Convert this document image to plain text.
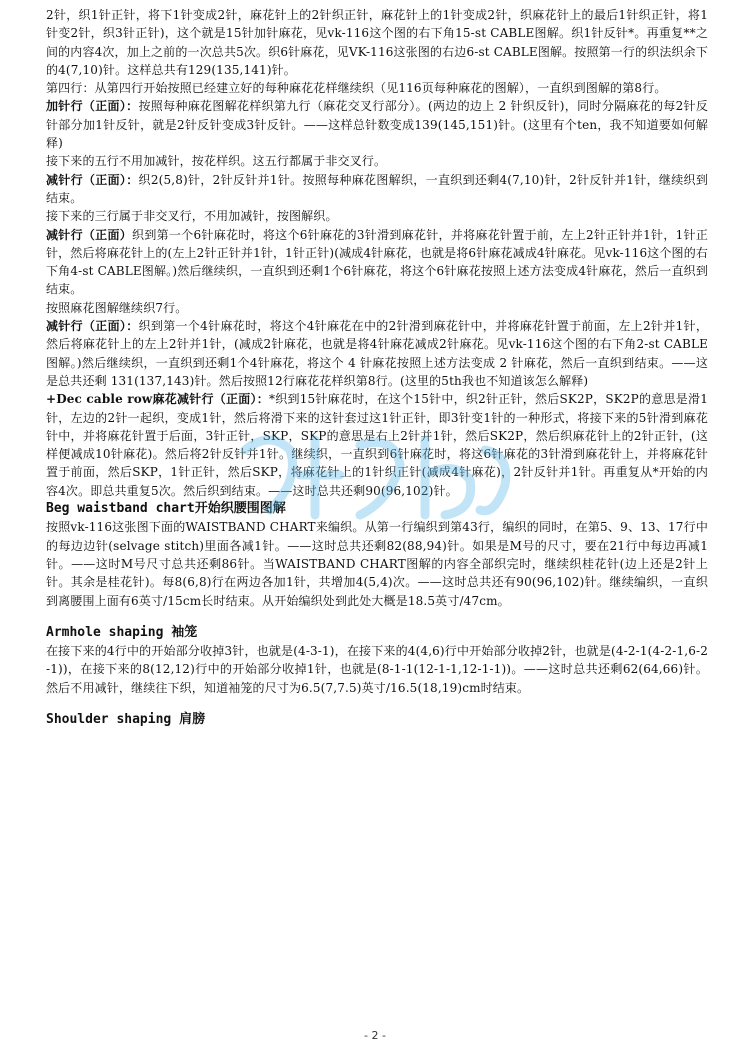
2针，织1针正针，将下1针变成2针，麻花针上的2针织正针，麻花针上的1针变成2针，织麻花针上的最后1针织正针，将1针变2针，织3针正针)，这个就是15针加针麻花，见vk-116这个图的右下角15-st CABLE图解。织1针反针*。再重复**之间的内容4次，加上之前的一次总共5次。织6针麻花，见VK-116这张图的右边6-st CABLE图解。按照第一行的织法织余下的4(7,10)针。这样总共有129(135,141)针。

第四行：从第四行开始按照已经建立好的每种麻花花样继续织（见116页每种麻花的图解），一直织到图解的第8行。

加针行（正面）：按照每种麻花图解花样织第九行（麻花交叉行部分）。(两边的边上 2 针织反针)，同时分隔麻花的每2针反针部分加1针反针，就是2针反针变成3针反针。——这样总针数变成139(145,151)针。(这里有个ten，我不知道要如何解释)

接下来的五行不用加减针，按花样织。这五行都属于非交叉行。

减针行（正面）：织2(5,8)针，2针反针并1针。按照每种麻花图解织，一直织到还剩4(7,10)针，2针反针并1针，继续织到结束。

接下来的三行属于非交叉行，不用加减针，按图解织。

减针行（正面）织到第一个6针麻花时，将这个6针麻花的3针滑到麻花针，并将麻花针置于前，左上2针正针并1针，1针正针，然后将麻花针上的(左上2针正针并1针，1针正针)(减成4针麻花，也就是将6针麻花减成4针麻花。见vk-116这个图的右下角4-st CABLE图解。)然后继续织，一直织到还剩1个6针麻花，将这个6针麻花按照上述方法变成4针麻花，然后一直织到结束。

按照麻花图解继续织7行。

减针行（正面）：织到第一个4针麻花时，将这个4针麻花在中的2针滑到麻花针中，并将麻花针置于前面，左上2针并1针，然后将麻花针上的左上2针并1针，(减成2针麻花，也就是将4针麻花减成2针麻花。见vk-116这个图的右下角2-st CABLE图解。)然后继续织，一直织到还剩1个4针麻花，将这个 4 针麻花按照上述方法变成 2 针麻花，然后一直织到结束。——这是总共还剩 131(137,143)针。然后按照12行麻花花样织第8行。(这里的5th我也不知道该怎么解释)

+Dec cable row麻花减针行（正面）：*织到15针麻花时，在这个15针中，织2针正针，然后SK2P，SK2P的意思是滑1针，左边的2针一起织，变成1针，然后将滑下来的这针套过这1针正针，即3针变1针的一种形式，将接下来的5针滑到麻花针中，并将麻花针置于后面，3针正针，SKP，SKP的意思是右上2针并1针，然后SK2P，然后织麻花针上的2针正针，(这样便减成10针麻花)。然后将2针反针并1针。继续织，一直织到6针麻花时，将这6针麻花的3针滑到麻花针上，并将麻花针置于前面，然后SKP，1针正针，然后SKP，将麻花针上的1针织正针(减成4针麻花)，2针反针并1针。再重复从*开始的内容4次。即总共重复5次。然后织到结束。——这时总共还剩90(96,102)针。

Beg waistband chart开始织腰围图解

按照vk-116这张图下面的WAISTBAND CHART来编织。从第一行编织到第43行，编织的同时，在第5、9、13、17行中的每边边针(selvage stitch)里面各减1针。——这时总共还剩82(88,94)针。如果是M号的尺寸，要在21行中每边再减1针。——这时M号尺寸总共还剩86针。当WAISTBAND CHART图解的内容全部织完时，继续织桂花针(边上还是2针上针。其余是桂花针)。每8(6,8)行在两边各加1针，共增加4(5,4)次。——这时总共还有90(96,102)针。继续编织，一直织到离腰围上面有6英寸/15cm长时结束。从开始编织处到此处大概是18.5英寸/47cm。

Armhole shaping 袖笼

在接下来的4行中的开始部分收掉3针，也就是(4-3-1)，在接下来的4(4,6)行中开始部分收掉2针，也就是(4-2-1(4-2-1,6-2-1))，在接下来的8(12,12)行中的开始部分收掉1针，也就是(8-1-1(12-1-1,12-1-1))。——这时总共还剩62(64,66)针。然后不用减针，继续往下织，知道袖笼的尺寸为6.5(7,7.5)英寸/16.5(18,19)cm时结束。

Shoulder shaping 肩膀

- 2 -
